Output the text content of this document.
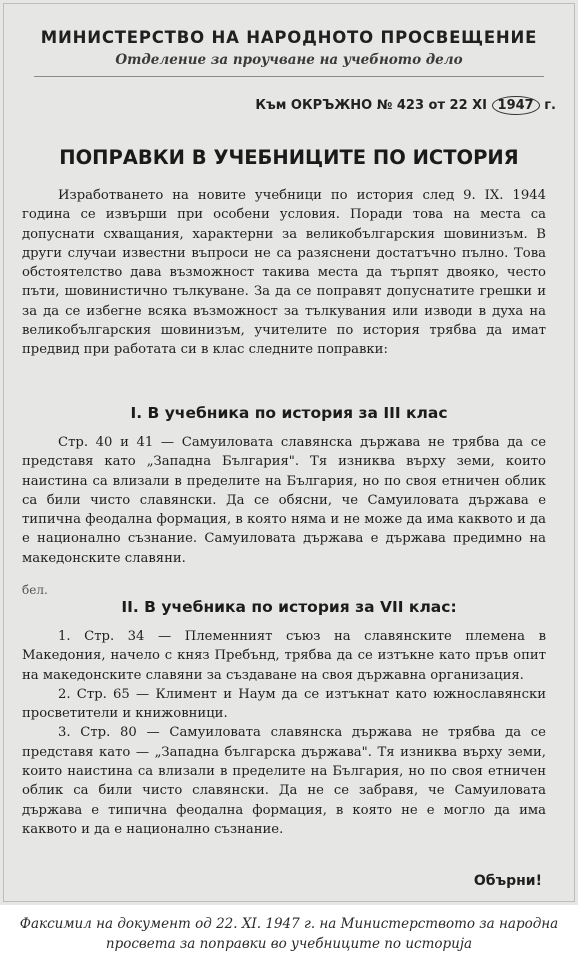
МИНИСТЕРСТВО НА НАРОДНОТО ПРОСВЕЩЕНИЕ
Отделение за проучване на учебното дело
Към ОКРЪЖНО № 423 от 22 XI 1947 г.
ПОПРАВКИ В УЧЕБНИЦИТЕ ПО ИСТОРИЯ

Изработването на новите учебници по история след 9. IX. 1944 година се извърши при особени условия. Поради това на места са допуснати схващания, характерни за великобългарския шовинизъм. В други случаи известни въпроси не са разяснени достатъчно пълно. Това обстоятелство дава възможност такива места да търпят двояко, често пъти, шовинистично тълкуване. За да се поправят допуснатите грешки и за да се избегне всяка възможност за тълкувания или изводи в духа на великобългарския шовинизъм, учителите по история трябва да имат предвид при работата си в клас следните поправки:

I. В учебника по история за III клас

Стр. 40 и 41 — Самуиловата славянска държава не трябва да се представя като „Западна България". Тя изниква върху земи, които наистина са влизали в пределите на България, но по своя етничен облик са били чисто славянски. Да се обясни, че Самуиловата държава е типична феодална формация, в която няма и не може да има каквото и да е национално съзнание. Самуиловата държава е държава предимно на македонските славяни.

бел.
II. В учебника по история за VII клас:

1. Стр. 34 — Племенният съюз на славянските племена в Македония, начело с княз Пребънд, трябва да се изтъкне като пръв опит на македонските славяни за създаване на своя държавна организация.

2. Стр. 65 — Климент и Наум да се изтъкнат като южнославянски просветители и книжовници.

3. Стр. 80 — Самуиловата славянска държава не трябва да се представя като — „Западна българска държава". Тя изниква върху земи, които наистина са влизали в пределите на България, но по своя етничен облик са били чисто славянски. Да не се забравя, че Самуиловата държава е типична феодална формация, в която не е могло да има каквото и да е национално съзнание.

Обърни!
Факсимил на документ од 22. XI. 1947 г. на Министерството за народна
просвета за поправки во учебниците по историја
